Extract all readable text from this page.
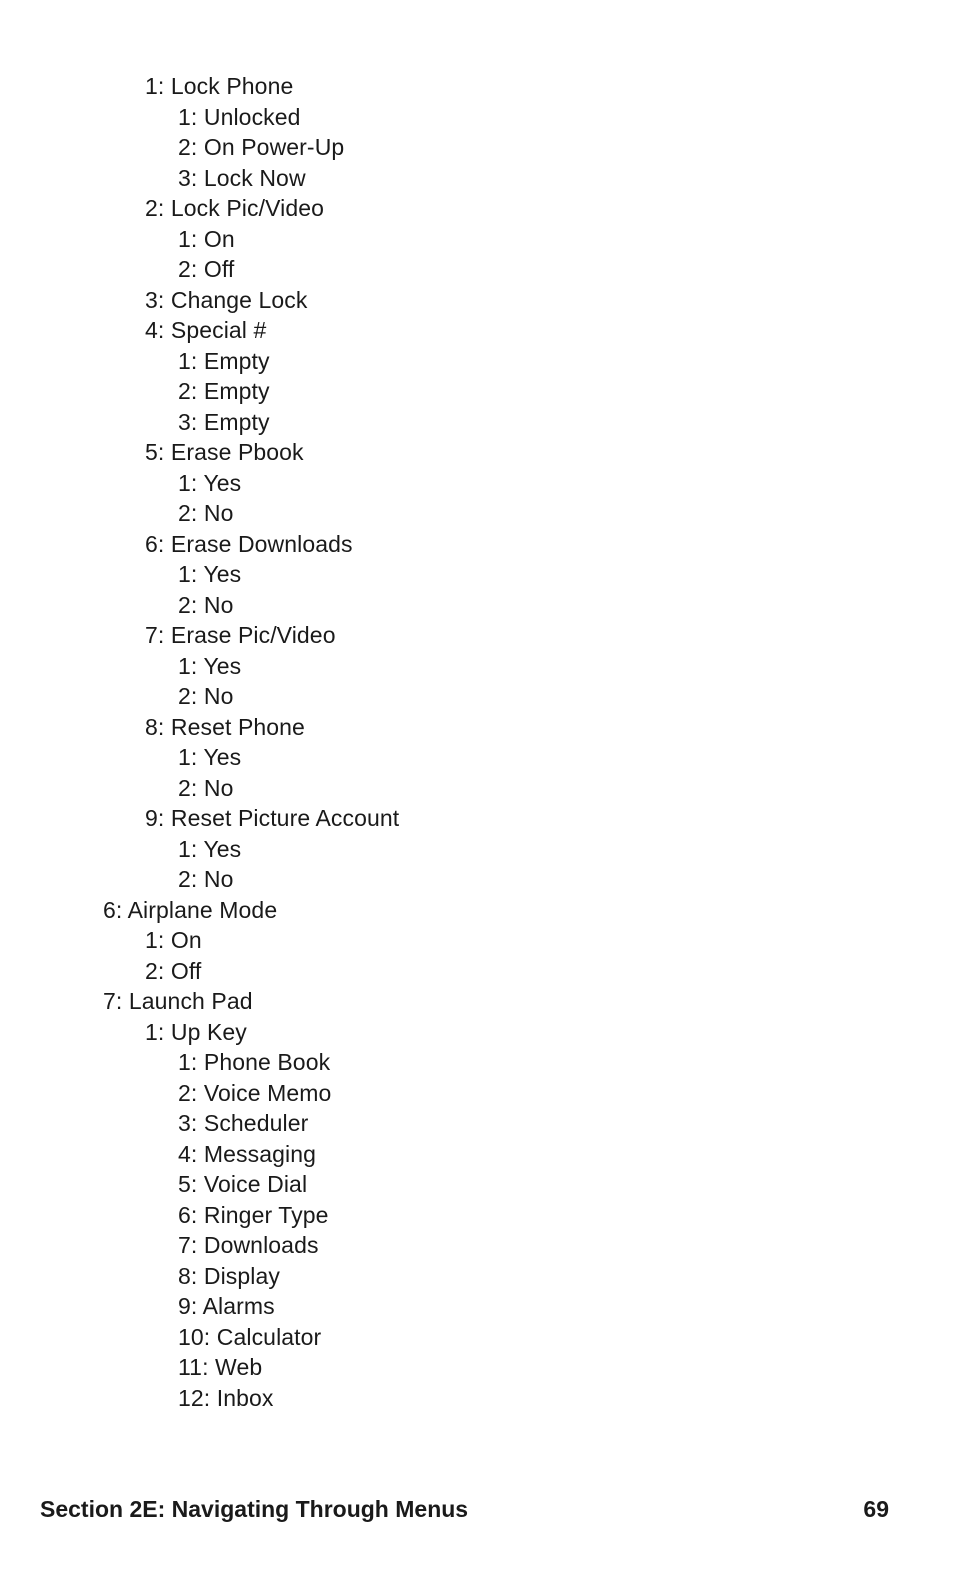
1: Lock Phone
1: Unlocked
2: On Power-Up
3: Lock Now
2: Lock Pic/Video
1: On
2: Off
3: Change Lock
4: Special #
1: Empty
2: Empty
3: Empty
5: Erase Pbook
1: Yes
2: No
6: Erase Downloads
1: Yes
2: No
7: Erase Pic/Video
1: Yes
2: No
8: Reset Phone
1: Yes
2: No
9: Reset Picture Account
1: Yes
2: No
6: Airplane Mode
1: On
2: Off
7: Launch Pad
1: Up Key
1: Phone Book
2: Voice Memo
3: Scheduler
4: Messaging
5: Voice Dial
6: Ringer Type
7: Downloads
8: Display
9: Alarms
10: Calculator
11: Web
12: Inbox
Section 2E: Navigating Through Menus	69
